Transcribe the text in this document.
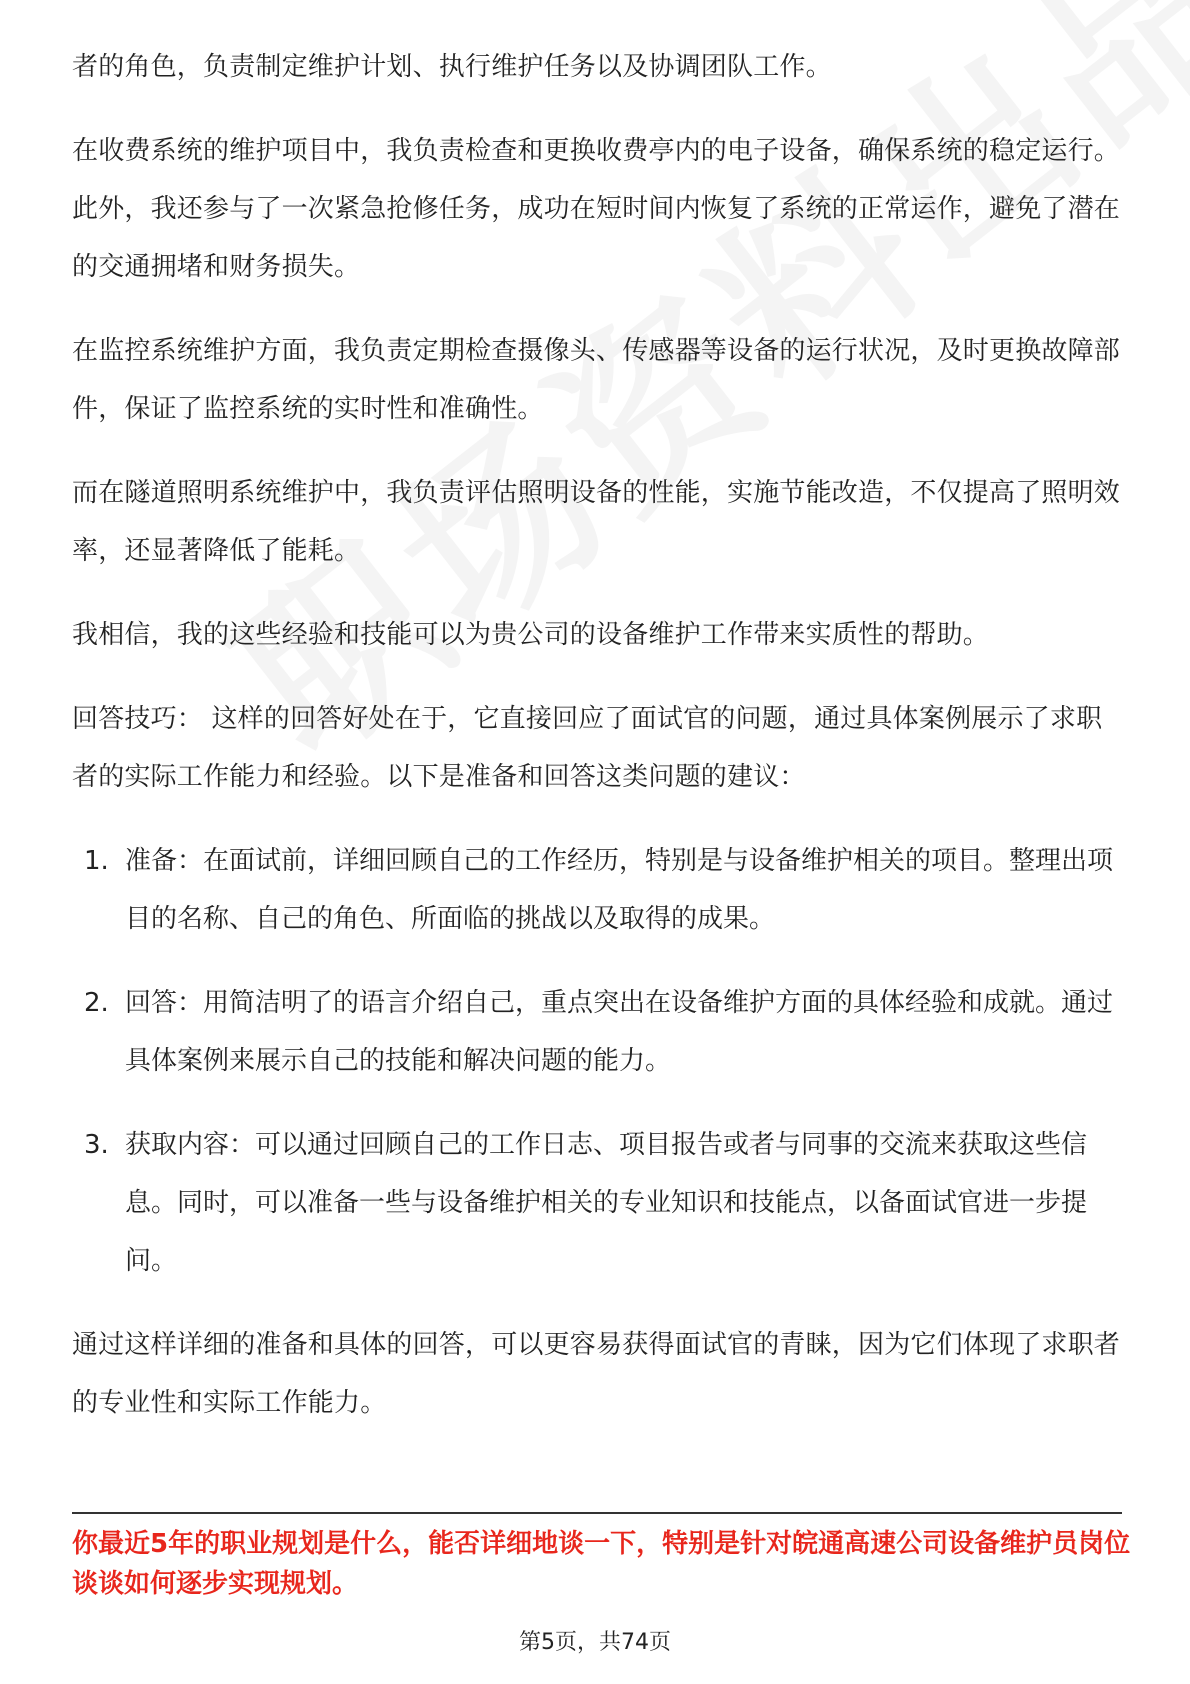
者的角色，负责制定维护计划、执行维护任务以及协调团队工作。

在收费系统的维护项目中，我负责检查和更换收费亭内的电子设备，确保系统的稳定运行。此外，我还参与了一次紧急抢修任务，成功在短时间内恢复了系统的正常运作，避免了潜在的交通拥堵和财务损失。

在监控系统维护方面，我负责定期检查摄像头、传感器等设备的运行状况，及时更换故障部件，保证了监控系统的实时性和准确性。

而在隧道照明系统维护中，我负责评估照明设备的性能，实施节能改造，不仅提高了照明效率，还显著降低了能耗。

我相信，我的这些经验和技能可以为贵公司的设备维护工作带来实质性的帮助。

回答技巧： 这样的回答好处在于，它直接回应了面试官的问题，通过具体案例展示了求职者的实际工作能力和经验。以下是准备和回答这类问题的建议：

1. 准备：在面试前，详细回顾自己的工作经历，特别是与设备维护相关的项目。整理出项目的名称、自己的角色、所面临的挑战以及取得的成果。
2. 回答：用简洁明了的语言介绍自己，重点突出在设备维护方面的具体经验和成就。通过具体案例来展示自己的技能和解决问题的能力。
3. 获取内容：可以通过回顾自己的工作日志、项目报告或者与同事的交流来获取这些信息。同时，可以准备一些与设备维护相关的专业知识和技能点，以备面试官进一步提问。

通过这样详细的准备和具体的回答，可以更容易获得面试官的青睐，因为它们体现了求职者的专业性和实际工作能力。

你最近5年的职业规划是什么，能否详细地谈一下，特别是针对皖通高速公司设备维护员岗位谈谈如何逐步实现规划。
第5页，共74页
